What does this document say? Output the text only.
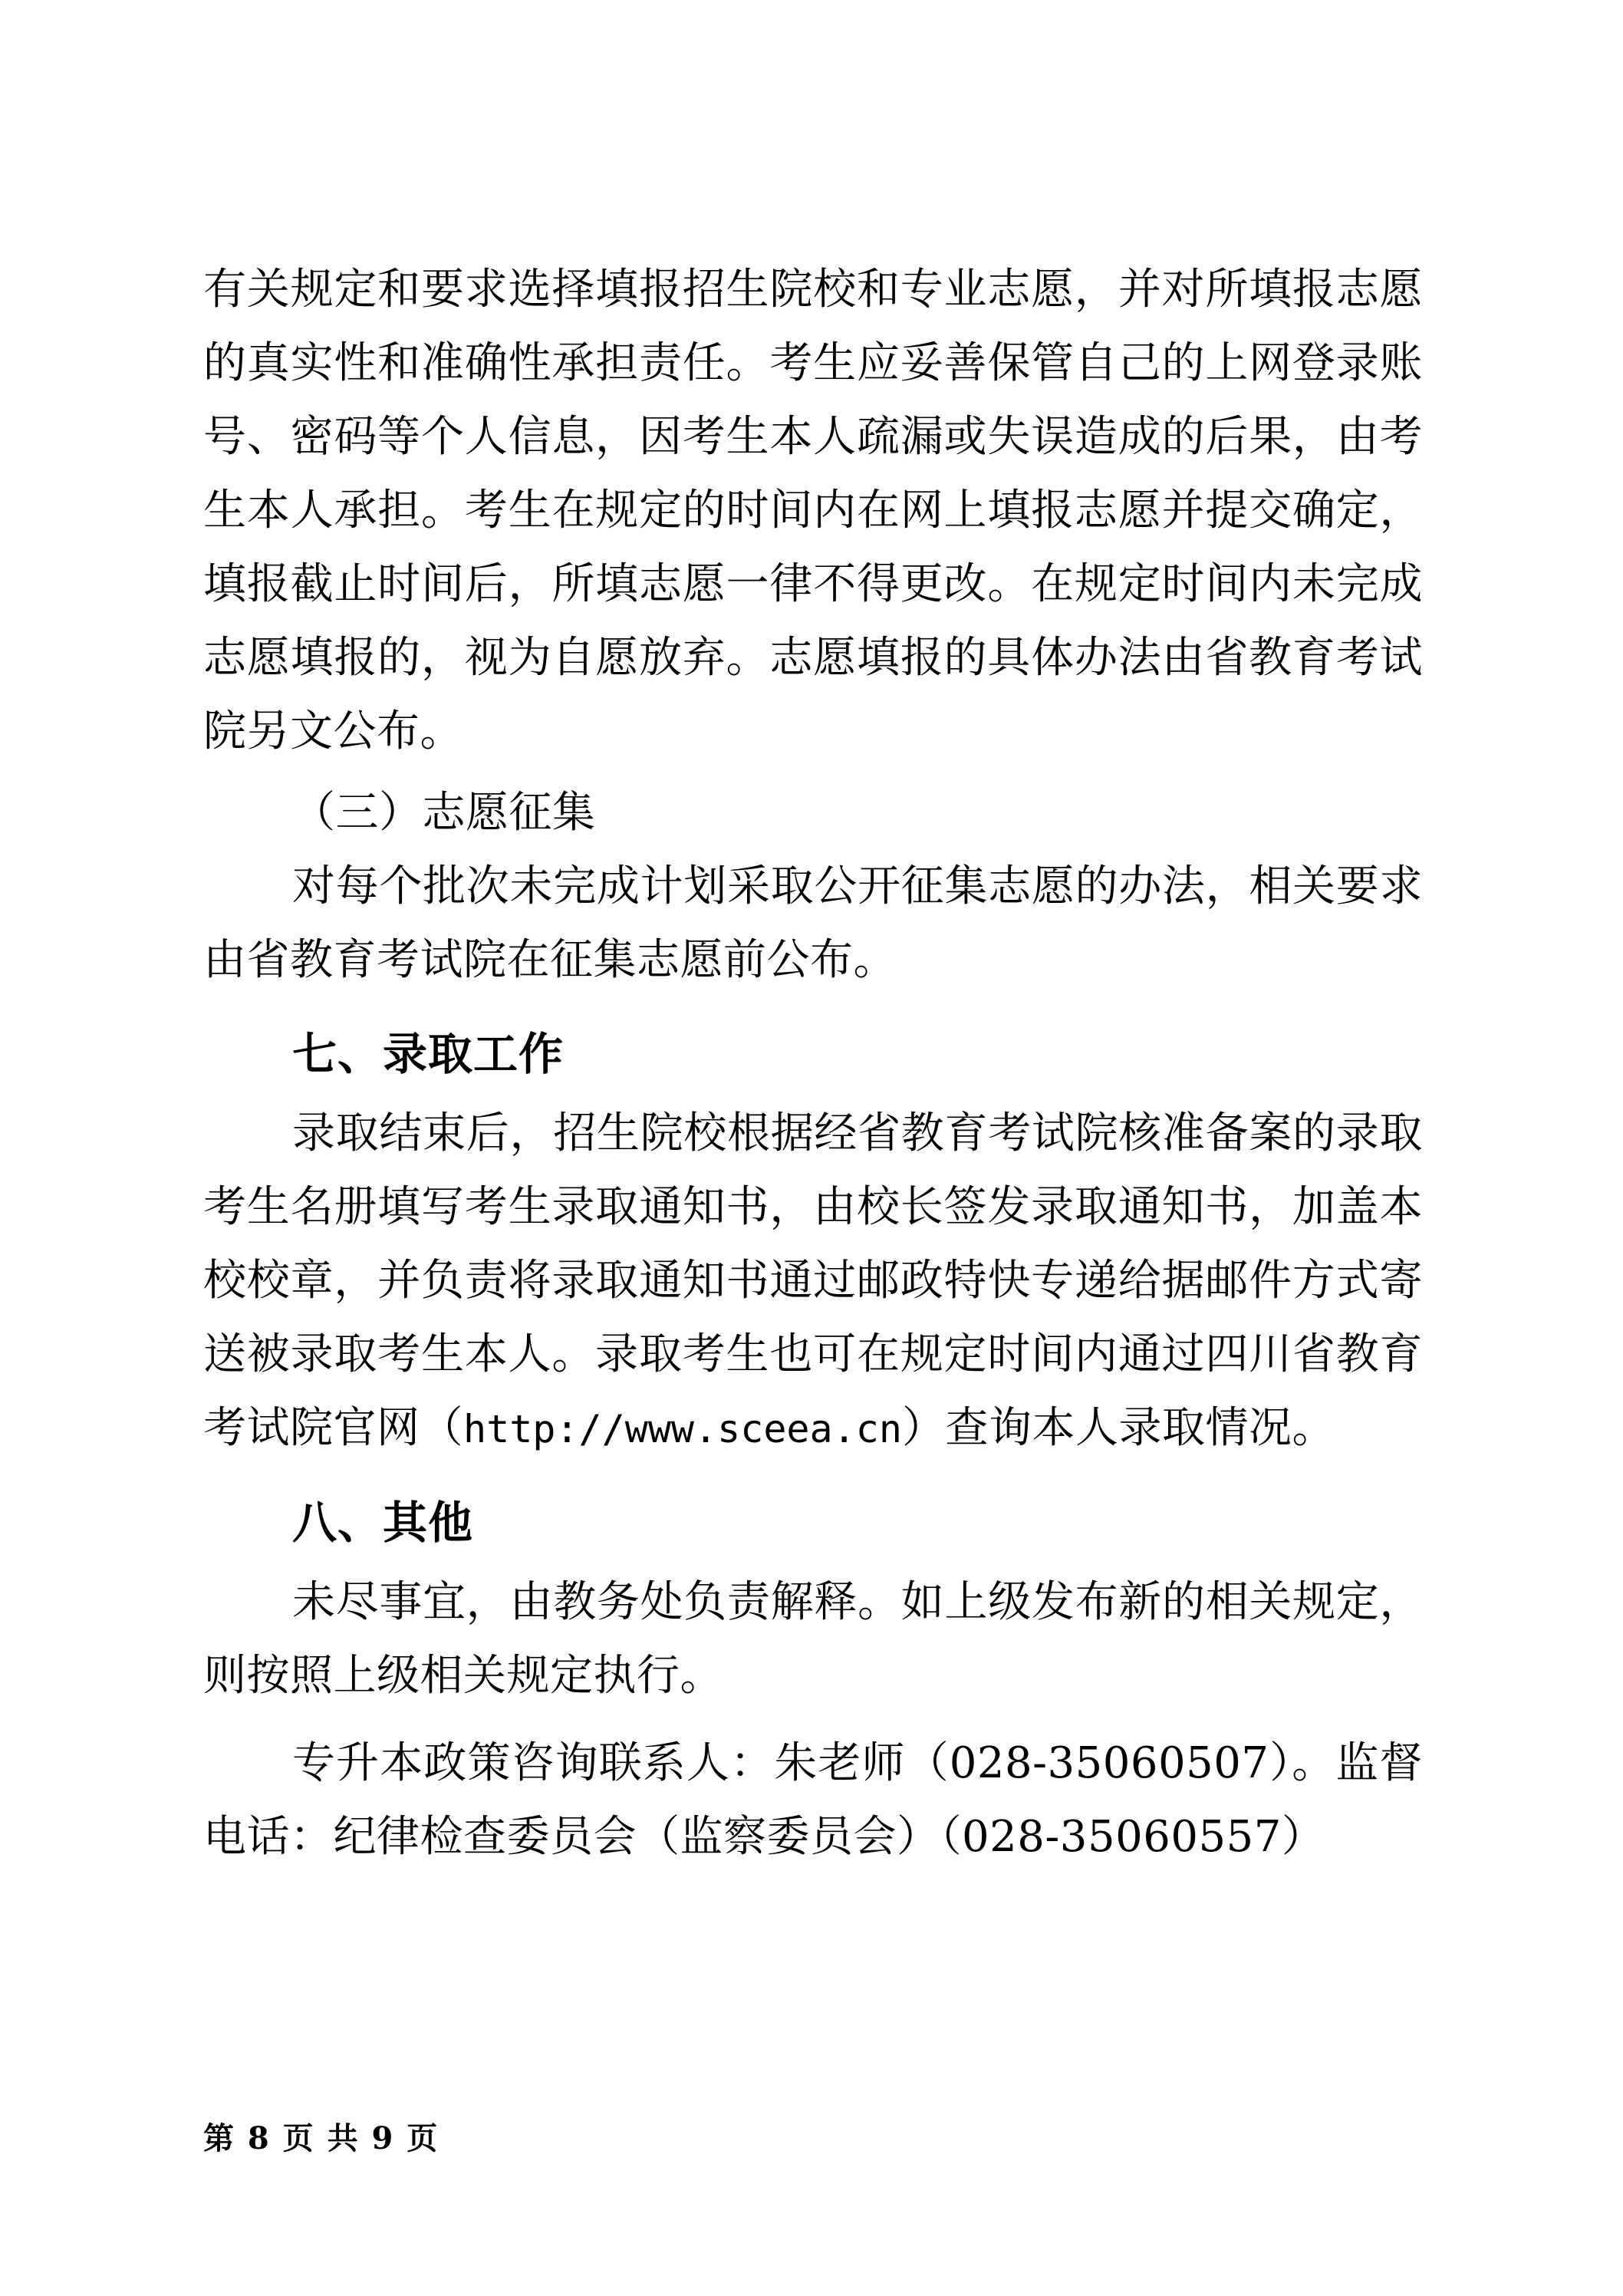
有关规定和要求选择填报招生院校和专业志愿，并对所填报志愿的真实性和准确性承担责任。考生应妥善保管自己的上网登录账号、密码等个人信息，因考生本人疏漏或失误造成的后果，由考生本人承担。考生在规定的时间内在网上填报志愿并提交确定，填报截止时间后，所填志愿一律不得更改。在规定时间内未完成志愿填报的，视为自愿放弃。志愿填报的具体办法由省教育考试院另文公布。

（三）志愿征集

对每个批次未完成计划采取公开征集志愿的办法，相关要求由省教育考试院在征集志愿前公布。

七、录取工作

录取结束后，招生院校根据经省教育考试院核准备案的录取考生名册填写考生录取通知书，由校长签发录取通知书，加盖本校校章，并负责将录取通知书通过邮政特快专递给据邮件方式寄送被录取考生本人。录取考生也可在规定时间内通过四川省教育考试院官网（http://www.sceea.cn）查询本人录取情况。

八、其他

未尽事宜，由教务处负责解释。如上级发布新的相关规定，则按照上级相关规定执行。

专升本政策咨询联系人：朱老师（028-35060507）。监督电话：纪律检查委员会（监察委员会）（028-35060557）

第 8 页 共 9 页
